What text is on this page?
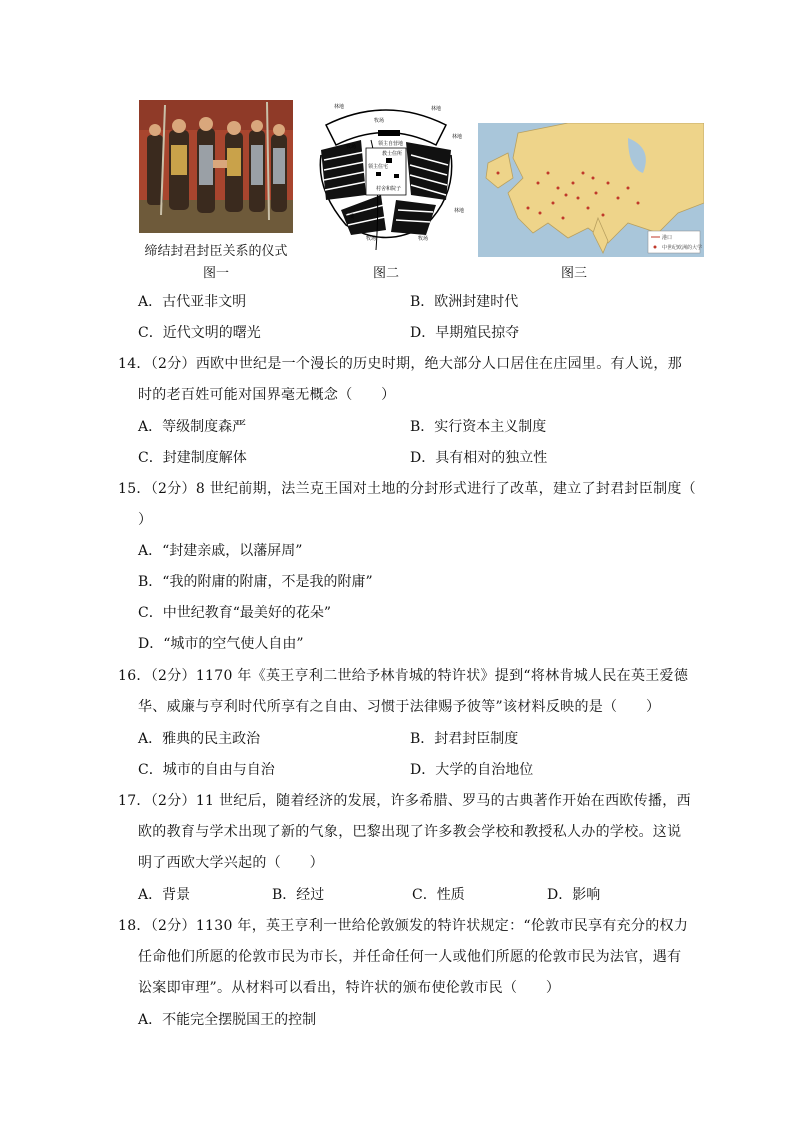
缔结封君封臣关系的仪式
图一
林地	林地
林地
林地
牧场
领主自营地
教士住所
领主住宅
村舍和院子
小溪
牧场
牧场	牧场
图二
港口
中世纪欧洲的大学
图三
A．古代亚非文明	B．欧洲封建时代
C．近代文明的曙光	D．早期殖民掠夺
14．（2分）西欧中世纪是一个漫长的历史时期，绝大部分人口居住在庄园里。有人说，那
时的老百姓可能对国界毫无概念（　　）
A．等级制度森严	B．实行资本主义制度
C．封建制度解体	D．具有相对的独立性
15．（2分）8 世纪前期，法兰克王国对土地的分封形式进行了改革，建立了封君封臣制度（
）
A．“封建亲戚，以藩屏周”
B．“我的附庸的附庸，不是我的附庸”
C．中世纪教育“最美好的花朵”
D．“城市的空气使人自由”
16．（2分）1170 年《英王亨利二世给予林肯城的特许状》提到“将林肯城人民在英王爱德
华、威廉与亨利时代所享有之自由、习惯于法律赐予彼等”该材料反映的是（　　）
A．雅典的民主政治	B．封君封臣制度
C．城市的自由与自治	D．大学的自治地位
17．（2分）11 世纪后，随着经济的发展，许多希腊、罗马的古典著作开始在西欧传播，西
欧的教育与学术出现了新的气象，巴黎出现了许多教会学校和教授私人办的学校。这说
明了西欧大学兴起的（　　）
A．背景	B．经过	C．性质	D．影响
18．（2分）1130 年，英王亨利一世给伦敦颁发的特许状规定：“伦敦市民享有充分的权力
任命他们所愿的伦敦市民为市长，并任命任何一人或他们所愿的伦敦市民为法官，遇有
讼案即审理”。从材料可以看出，特许状的颁布使伦敦市民（　　）
A．不能完全摆脱国王的控制
